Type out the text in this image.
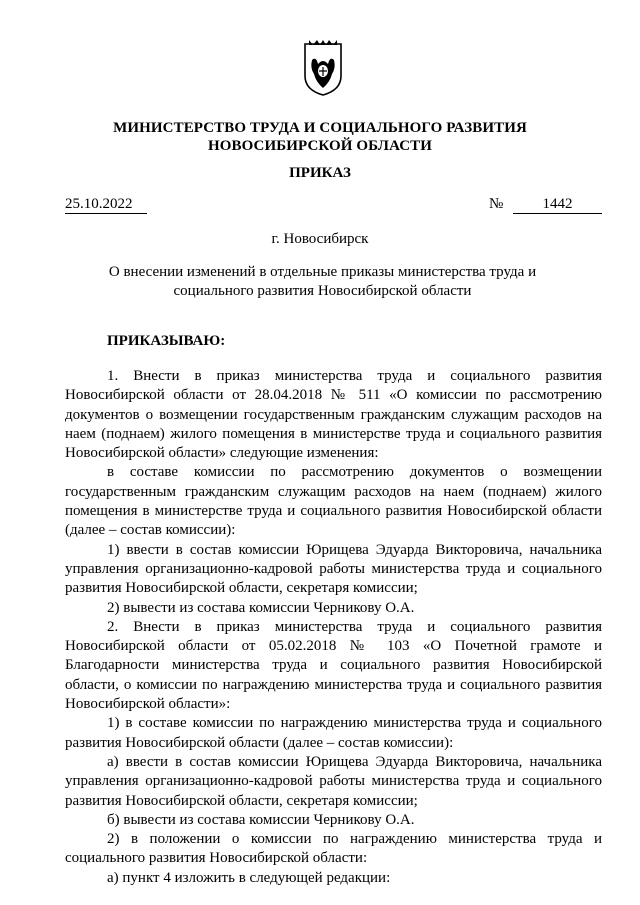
МИНИСТЕРСТВО ТРУДА И СОЦИАЛЬНОГО РАЗВИТИЯ
НОВОСИБИРСКОЙ ОБЛАСТИ
ПРИКАЗ
25.10.2022	№	1442
г. Новосибирск
О внесении изменений в отдельные приказы министерства труда и социального развития Новосибирской области
ПРИКАЗЫВАЮ:

1. Внести в приказ министерства труда и социального развития Новосибирской области от 28.04.2018 № 511 «О комиссии по рассмотрению документов о возмещении государственным гражданским служащим расходов на наем (поднаем) жилого помещения в министерстве труда и социального развития Новосибирской области» следующие изменения:

в составе комиссии по рассмотрению документов о возмещении государственным гражданским служащим расходов на наем (поднаем) жилого помещения в министерстве труда и социального развития Новосибирской области (далее – состав комиссии):

1) ввести в состав комиссии Юрищева Эдуарда Викторовича, начальника управления организационно-кадровой работы министерства труда и социального развития Новосибирской области, секретаря комиссии;

2) вывести из состава комиссии Черникову О.А.

2. Внести в приказ министерства труда и социального развития Новосибирской области от 05.02.2018 № 103 «О Почетной грамоте и Благодарности министерства труда и социального развития Новосибирской области, о комиссии по награждению министерства труда и социального развития Новосибирской области»:

1) в составе комиссии по награждению министерства труда и социального развития Новосибирской области (далее – состав комиссии):

а) ввести в состав комиссии Юрищева Эдуарда Викторовича, начальника управления организационно-кадровой работы министерства труда и социального развития Новосибирской области, секретаря комиссии;

б) вывести из состава комиссии Черникову О.А.

2) в положении о комиссии по награждению министерства труда и социального развития Новосибирской области:

а) пункт 4 изложить в следующей редакции:
